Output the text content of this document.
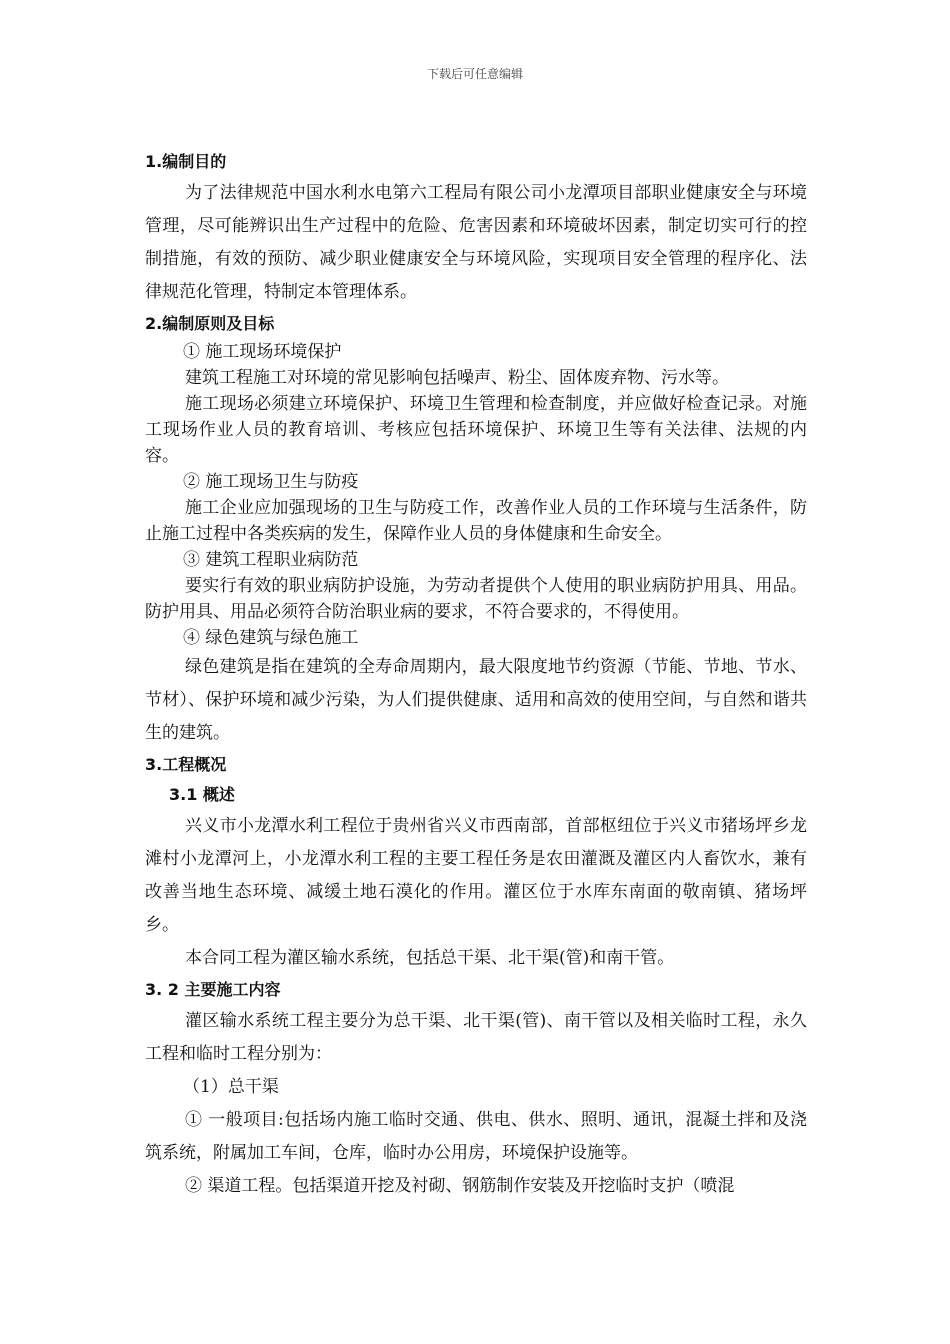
下载后可任意编辑
1.编制目的
为了法律规范中国水利水电第六工程局有限公司小龙潭项目部职业健康安全与环境管理，尽可能辨识出生产过程中的危险、危害因素和环境破坏因素，制定切实可行的控制措施，有效的预防、减少职业健康安全与环境风险，实现项目安全管理的程序化、法律规范化管理，特制定本管理体系。
2.编制原则及目标
① 施工现场环境保护
建筑工程施工对环境的常见影响包括噪声、粉尘、固体废弃物、污水等。
施工现场必须建立环境保护、环境卫生管理和检查制度，并应做好检查记录。对施工现场作业人员的教育培训、考核应包括环境保护、环境卫生等有关法律、法规的内容。
② 施工现场卫生与防疫
施工企业应加强现场的卫生与防疫工作，改善作业人员的工作环境与生活条件，防止施工过程中各类疾病的发生，保障作业人员的身体健康和生命安全。
③ 建筑工程职业病防范
要实行有效的职业病防护设施，为劳动者提供个人使用的职业病防护用具、用品。防护用具、用品必须符合防治职业病的要求，不符合要求的，不得使用。
④ 绿色建筑与绿色施工
绿色建筑是指在建筑的全寿命周期内，最大限度地节约资源（节能、节地、节水、节材）、保护环境和减少污染，为人们提供健康、适用和高效的使用空间，与自然和谐共生的建筑。
3.工程概况
3.1 概述
兴义市小龙潭水利工程位于贵州省兴义市西南部，首部枢纽位于兴义市猪场坪乡龙滩村小龙潭河上，小龙潭水利工程的主要工程任务是农田灌溉及灌区内人畜饮水，兼有改善当地生态环境、减缓土地石漠化的作用。灌区位于水库东南面的敬南镇、猪场坪乡。
本合同工程为灌区输水系统，包括总干渠、北干渠(管)和南干管。
3. 2 主要施工内容
灌区输水系统工程主要分为总干渠、北干渠(管)、南干管以及相关临时工程，永久工程和临时工程分别为：
（1）总干渠
① 一般项目:包括场内施工临时交通、供电、供水、照明、通讯，混凝土拌和及浇筑系统，附属加工车间，仓库，临时办公用房，环境保护设施等。
② 渠道工程。包括渠道开挖及衬砌、钢筋制作安装及开挖临时支护（喷混
